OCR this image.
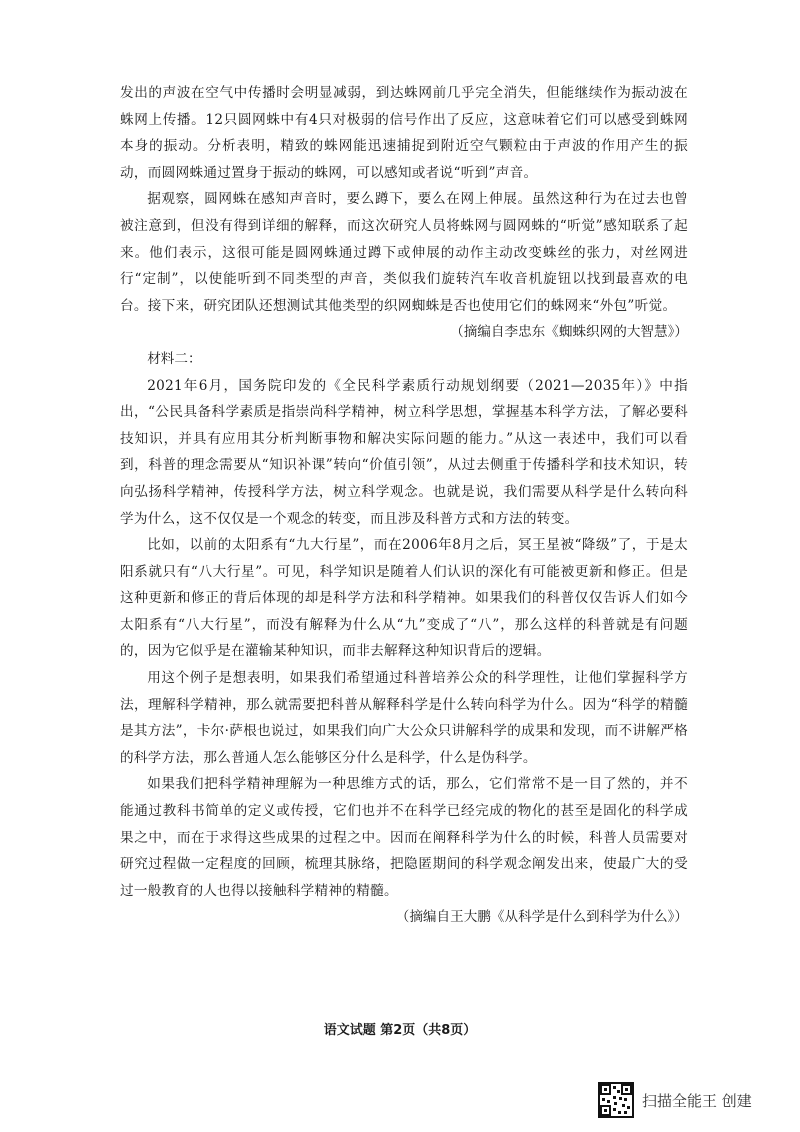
发出的声波在空气中传播时会明显减弱，到达蛛网前几乎完全消失，但能继续作为振动波在蛛网上传播。12只圆网蛛中有4只对极弱的信号作出了反应，这意味着它们可以感受到蛛网本身的振动。分析表明，精致的蛛网能迅速捕捉到附近空气颗粒由于声波的作用产生的振动，而圆网蛛通过置身于振动的蛛网，可以感知或者说“听到”声音。

据观察，圆网蛛在感知声音时，要么蹲下，要么在网上伸展。虽然这种行为在过去也曾被注意到，但没有得到详细的解释，而这次研究人员将蛛网与圆网蛛的“听觉”感知联系了起来。他们表示，这很可能是圆网蛛通过蹲下或伸展的动作主动改变蛛丝的张力，对丝网进行“定制”，以使能听到不同类型的声音，类似我们旋转汽车收音机旋钮以找到最喜欢的电台。接下来，研究团队还想测试其他类型的织网蜘蛛是否也使用它们的蛛网来“外包”听觉。

（摘编自李忠东《蜘蛛织网的大智慧》）

材料二：

2021年6月，国务院印发的《全民科学素质行动规划纲要（2021—2035年）》中指出，“公民具备科学素质是指崇尚科学精神，树立科学思想，掌握基本科学方法，了解必要科技知识，并具有应用其分析判断事物和解决实际问题的能力。”从这一表述中，我们可以看到，科普的理念需要从“知识补课”转向“价值引领”，从过去侧重于传播科学和技术知识，转向弘扬科学精神，传授科学方法，树立科学观念。也就是说，我们需要从科学是什么转向科学为什么，这不仅仅是一个观念的转变，而且涉及科普方式和方法的转变。

比如，以前的太阳系有“九大行星”，而在2006年8月之后，冥王星被“降级”了，于是太阳系就只有“八大行星”。可见，科学知识是随着人们认识的深化有可能被更新和修正。但是这种更新和修正的背后体现的却是科学方法和科学精神。如果我们的科普仅仅告诉人们如今太阳系有“八大行星”，而没有解释为什么从“九”变成了“八”，那么这样的科普就是有问题的，因为它似乎是在灌输某种知识，而非去解释这种知识背后的逻辑。

用这个例子是想表明，如果我们希望通过科普培养公众的科学理性，让他们掌握科学方法，理解科学精神，那么就需要把科普从解释科学是什么转向科学为什么。因为“科学的精髓是其方法”，卡尔·萨根也说过，如果我们向广大公众只讲解科学的成果和发现，而不讲解严格的科学方法，那么普通人怎么能够区分什么是科学，什么是伪科学。

如果我们把科学精神理解为一种思维方式的话，那么，它们常常不是一目了然的，并不能通过教科书简单的定义或传授，它们也并不在科学已经完成的物化的甚至是固化的科学成果之中，而在于求得这些成果的过程之中。因而在阐释科学为什么的时候，科普人员需要对研究过程做一定程度的回顾，梳理其脉络，把隐匿期间的科学观念阐发出来，使最广大的受过一般教育的人也得以接触科学精神的精髓。

（摘编自王大鹏《从科学是什么到科学为什么》）

语文试题 第2页（共8页）
扫描全能王 创建
